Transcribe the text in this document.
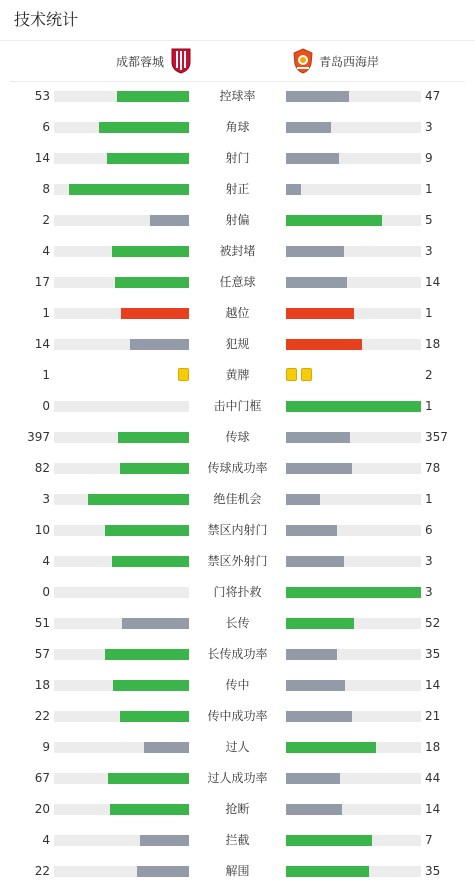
技术统计
成都蓉城	青岛西海岸
53	控球率	47
6	角球	3
14	射门	9
8	射正	1
2	射偏	5
4	被封堵	3
17	任意球	14
1	越位	1
14	犯规	18
1	黄牌	2
0	击中门框	1
397	传球	357
82	传球成功率	78
3	绝佳机会	1
10	禁区内射门	6
4	禁区外射门	3
0	门将扑救	3
51	长传	52
57	长传成功率	35
18	传中	14
22	传中成功率	21
9	过人	18
67	过人成功率	44
20	抢断	14
4	拦截	7
22	解围	35
